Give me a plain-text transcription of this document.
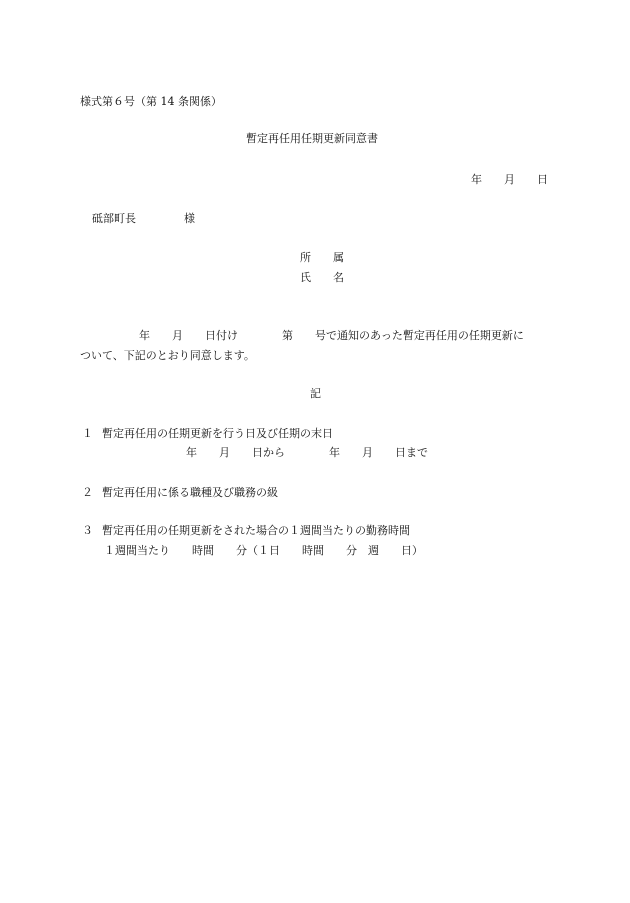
様式第６号（第 14 条関係）
暫定再任用任期更新同意書
年　　月　　日
砥部町長	様
所　　属
氏　　名
年　　月　　日付け　　　　第　　号で通知のあった暫定再任用の任期更新に
ついて、下記のとおり同意します。
記
１ 暫定再任用の任期更新を行う日及び任期の末日
年　　月　　日から　　　　年　　月　　日まで
２ 暫定再任用に係る職種及び職務の級
３ 暫定再任用の任期更新をされた場合の１週間当たりの勤務時間
１週間当たり　　時間　　分（１日　　時間　　分　週　　日）
